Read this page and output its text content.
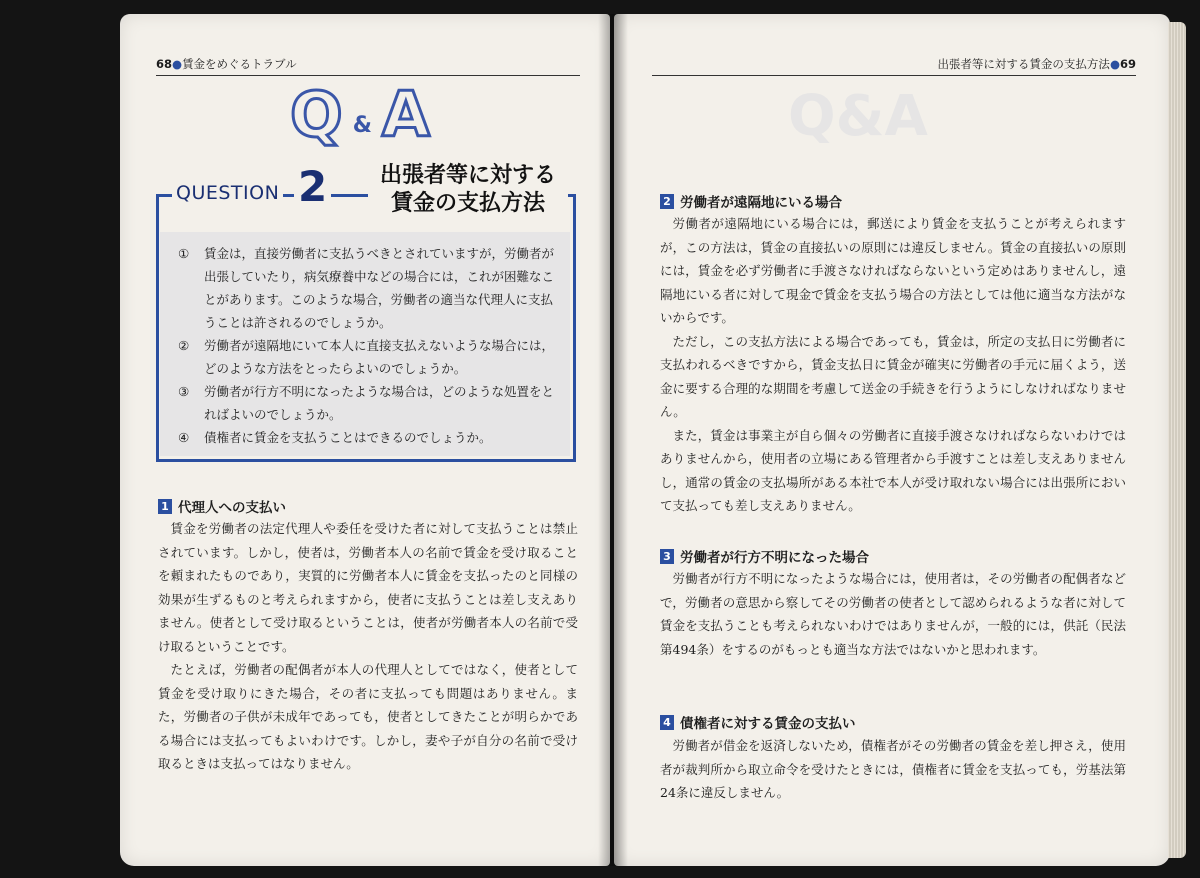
68●賃金をめぐるトラブル
Q & A
QUESTION 2	出張者等に対する
賃金の支払方法
① 賃金は，直接労働者に支払うべきとされていますが，労働者が出張していたり，病気療養中などの場合には，これが困難なことがあります。このような場合，労働者の適当な代理人に支払うことは許されるのでしょうか。
② 労働者が遠隔地にいて本人に直接支払えないような場合には，どのような方法をとったらよいのでしょうか。
③ 労働者が行方不明になったような場合は，どのような処置をとればよいのでしょうか。
④ 債権者に賃金を支払うことはできるのでしょうか。
1 代理人への支払い

賃金を労働者の法定代理人や委任を受けた者に対して支払うことは禁止されています。しかし，使者は，労働者本人の名前で賃金を受け取ることを頼まれたものであり，実質的に労働者本人に賃金を支払ったのと同様の効果が生ずるものと考えられますから，使者に支払うことは差し支えありません。使者として受け取るということは，使者が労働者本人の名前で受け取るということです。

たとえば，労働者の配偶者が本人の代理人としてではなく，使者として賃金を受け取りにきた場合，その者に支払っても問題はありません。また，労働者の子供が未成年であっても，使者としてきたことが明らかである場合には支払ってもよいわけです。しかし，妻や子が自分の名前で受け取るときは支払ってはなりません。

出張者等に対する賃金の支払方法●69
2 労働者が遠隔地にいる場合

労働者が遠隔地にいる場合には，郵送により賃金を支払うことが考えられますが，この方法は，賃金の直接払いの原則には違反しません。賃金の直接払いの原則には，賃金を必ず労働者に手渡さなければならないという定めはありませんし，遠隔地にいる者に対して現金で賃金を支払う場合の方法としては他に適当な方法がないからです。

ただし，この支払方法による場合であっても，賃金は，所定の支払日に労働者に支払われるべきですから，賃金支払日に賃金が確実に労働者の手元に届くよう，送金に要する合理的な期間を考慮して送金の手続きを行うようにしなければなりません。

また，賃金は事業主が自ら個々の労働者に直接手渡さなければならないわけではありませんから，使用者の立場にある管理者から手渡すことは差し支えありませんし，通常の賃金の支払場所がある本社で本人が受け取れない場合には出張所において支払っても差し支えありません。

3 労働者が行方不明になった場合

労働者が行方不明になったような場合には，使用者は，その労働者の配偶者などで，労働者の意思から察してその労働者の使者として認められるような者に対して賃金を支払うことも考えられないわけではありませんが，一般的には，供託（民法第494条）をするのがもっとも適当な方法ではないかと思われます。

4 債権者に対する賃金の支払い

労働者が借金を返済しないため，債権者がその労働者の賃金を差し押さえ，使用者が裁判所から取立命令を受けたときには，債権者に賃金を支払っても，労基法第24条に違反しません。
